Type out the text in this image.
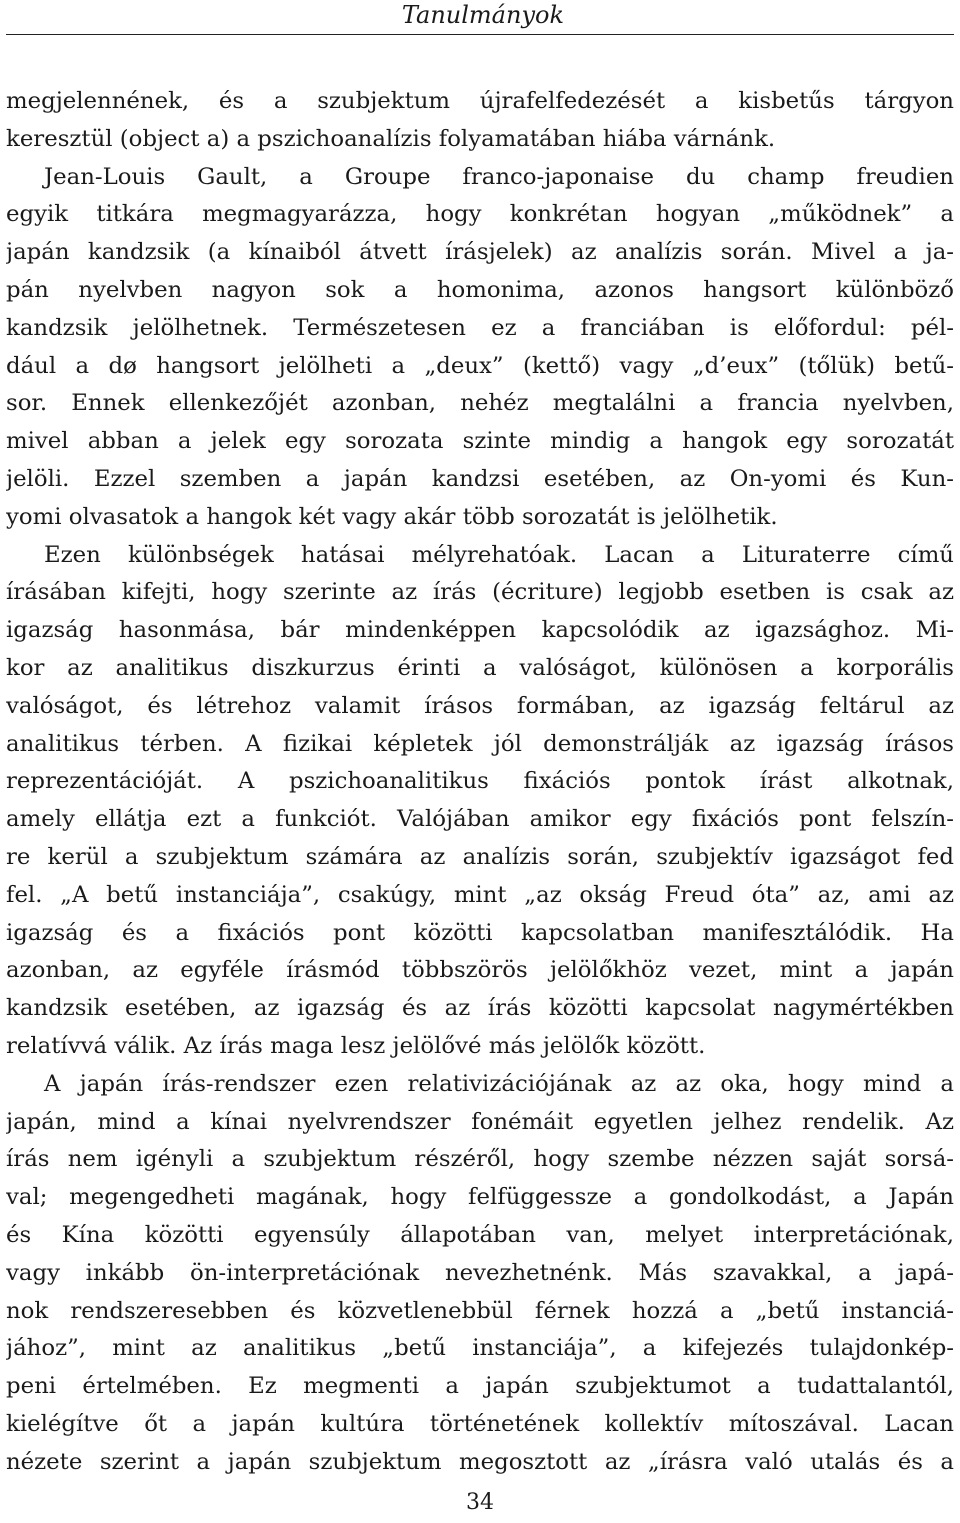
Tanulmányok
megjelennének, és a szubjektum újrafelfedezését a kisbetűs tárgyon
keresztül (object a) a pszichoanalízis folyamatában hiába várnánk.
Jean-Louis Gault, a Groupe franco-japonaise du champ freudien
egyik titkára megmagyarázza, hogy konkrétan hogyan „működnek” a
japán kandzsik (a kínaiból átvett írásjelek) az analízis során. Mivel a ja-
pán nyelvben nagyon sok a homonima, azonos hangsort különböző
kandzsik jelölhetnek. Természetesen ez a franciában is előfordul: pél-
dául a dø hangsort jelölheti a „deux” (kettő) vagy „d’eux” (tőlük) betű-
sor. Ennek ellenkezőjét azonban, nehéz megtalálni a francia nyelvben,
mivel abban a jelek egy sorozata szinte mindig a hangok egy sorozatát
jelöli. Ezzel szemben a japán kandzsi esetében, az On-yomi és Kun-
yomi olvasatok a hangok két vagy akár több sorozatát is jelölhetik.
Ezen különbségek hatásai mélyrehatóak. Lacan a Lituraterre című
írásában kifejti, hogy szerinte az írás (écriture) legjobb esetben is csak az
igazság hasonmása, bár mindenképpen kapcsolódik az igazsághoz. Mi-
kor az analitikus diszkurzus érinti a valóságot, különösen a korporális
valóságot, és létrehoz valamit írásos formában, az igazság feltárul az
analitikus térben. A fizikai képletek jól demonstrálják az igazság írásos
reprezentációját. A pszichoanalitikus fixációs pontok írást alkotnak,
amely ellátja ezt a funkciót. Valójában amikor egy fixációs pont felszín-
re kerül a szubjektum számára az analízis során, szubjektív igazságot fed
fel. „A betű instanciája”, csakúgy, mint „az okság Freud óta” az, ami az
igazság és a fixációs pont közötti kapcsolatban manifesztálódik. Ha
azonban, az egyféle írásmód többszörös jelölőkhöz vezet, mint a japán
kandzsik esetében, az igazság és az írás közötti kapcsolat nagymértékben
relatívvá válik. Az írás maga lesz jelölővé más jelölők között.
A japán írás-rendszer ezen relativizációjának az az oka, hogy mind a
japán, mind a kínai nyelvrendszer fonémáit egyetlen jelhez rendelik. Az
írás nem igényli a szubjektum részéről, hogy szembe nézzen saját sorsá-
val; megengedheti magának, hogy felfüggessze a gondolkodást, a Japán
és Kína közötti egyensúly állapotában van, melyet interpretációnak,
vagy inkább ön-interpretációnak nevezhetnénk. Más szavakkal, a japá-
nok rendszeresebben és közvetlenebbül férnek hozzá a „betű instanciá-
jához”, mint az analitikus „betű instanciája”, a kifejezés tulajdonkép-
peni értelmében. Ez megmenti a japán szubjektumot a tudattalantól,
kielégítve őt a japán kultúra történetének kollektív mítoszával. Lacan
nézete szerint a japán szubjektum megosztott az „írásra való utalás és a
34
